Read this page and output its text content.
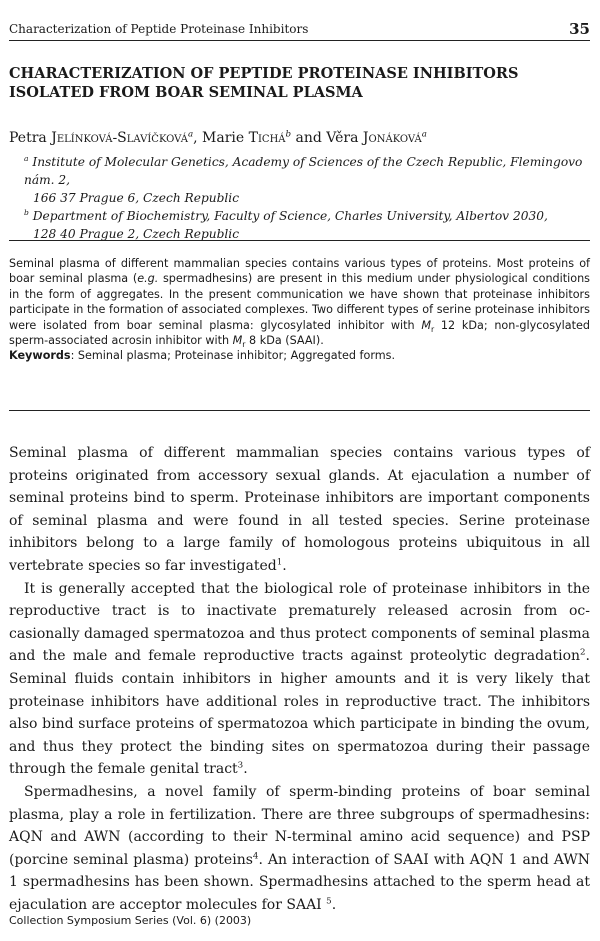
Characterization of Peptide Proteinase Inhibitors	35
CHARACTERIZATION OF PEPTIDE PROTEINASE INHIBITORS
ISOLATED FROM BOAR SEMINAL PLASMA
Petra Jelínková-Slavíčková$^a$, Marie Tichá$^b$ and Věra Jonáková$^a$

$^a$ Institute of Molecular Genetics, Academy of Sciences of the Czech Republic, Flemingovo nám. 2,

166 37 Prague 6, Czech Republic

$^b$ Department of Biochemistry, Faculty of Science, Charles University, Albertov 2030,

128 40 Prague 2, Czech Republic

Seminal plasma of different mammalian species contains various types of proteins. Most proteins of boar seminal plasma (e.g. spermadhesins) are present in this medium under physiological conditions in the form of aggregates. In the present communication we have shown that proteinase inhibitors participate in the formation of associated complexes. Two different types of serine proteinase inhibitors were isolated from boar seminal plasma: glycosylated inhibitor with $M_r$ 12 kDa; non-glycosylated sperm-associated acrosin inhibitor with $M_r$ 8 kDa (SAAI).

Keywords: Seminal plasma; Proteinase inhibitor; Aggregated forms.

Seminal plasma of different mammalian species contains various types of proteins originated from accessory sexual glands. At ejaculation a number of seminal proteins bind to sperm. Proteinase inhibitors are important components of seminal plasma and were found in all tested species. Serine proteinase inhibitors belong to a large family of homologous proteins ubiquitous in all vertebrate species so far investigated$^1$.

It is generally accepted that the biological role of proteinase inhibitors in the reproductive tract is to inactivate prematurely released acrosin from occasionally damaged spermatozoa and thus protect components of seminal plasma and the male and female reproductive tracts against proteolytic degradation$^2$. Seminal fluids contain inhibitors in higher amounts and it is very likely that proteinase inhibitors have additional roles in reproductive tract. The inhibitors also bind surface proteins of spermatozoa which participate in binding the ovum, and thus they protect the binding sites on spermatozoa during their passage through the female genital tract$^3$.

Spermadhesins, a novel family of sperm-binding proteins of boar seminal plasma, play a role in fertilization. There are three subgroups of spermadhesins: AQN and AWN (according to their N-terminal amino acid sequence) and PSP (porcine seminal plasma) proteins$^4$. An interaction of SAAI with AQN 1 and AWN 1 spermadhesins has been shown. Spermadhesins attached to the sperm head at ejaculation are acceptor molecules for SAAI $^5$.

Collection Symposium Series (Vol. 6) (2003)
